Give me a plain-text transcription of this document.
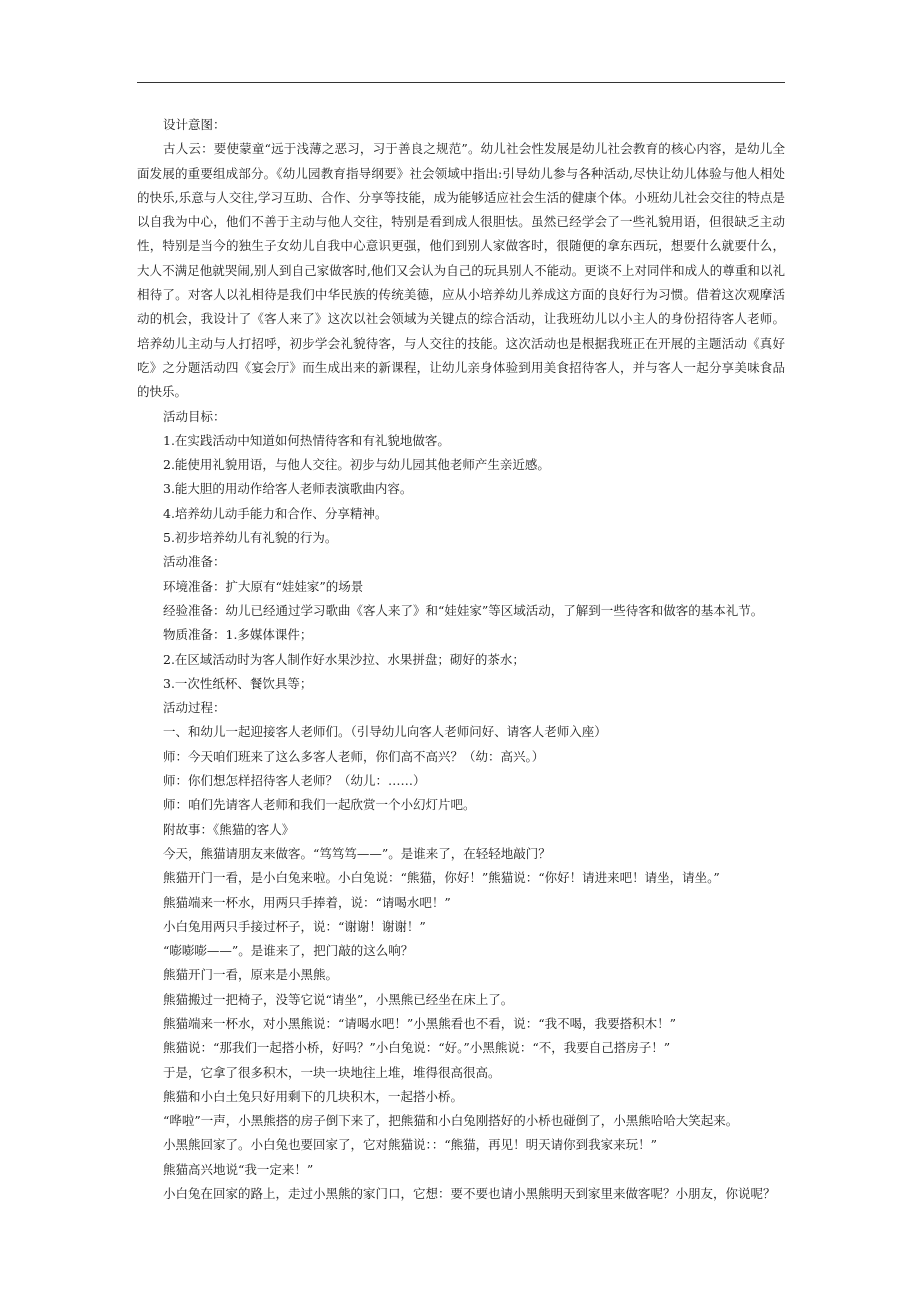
设计意图：

古人云：要使蒙童“远于浅薄之恶习，习于善良之规范”。幼儿社会性发展是幼儿社会教育的核心内容，是幼儿全面发展的重要组成部分。《幼儿园教育指导纲要》社会领域中指出:引导幼儿参与各种活动,尽快让幼儿体验与他人相处的快乐,乐意与人交往,学习互助、合作、分享等技能，成为能够适应社会生活的健康个体。小班幼儿社会交往的特点是以自我为中心，他们不善于主动与他人交往，特别是看到成人很胆怯。虽然已经学会了一些礼貌用语，但很缺乏主动性，特别是当今的独生子女幼儿自我中心意识更强，他们到别人家做客时，很随便的拿东西玩，想要什么就要什么，大人不满足他就哭闹,别人到自己家做客时,他们又会认为自己的玩具别人不能动。更谈不上对同伴和成人的尊重和以礼相待了。对客人以礼相待是我们中华民族的传统美德，应从小培养幼儿养成这方面的良好行为习惯。借着这次观摩活动的机会，我设计了《客人来了》这次以社会领域为关键点的综合活动，让我班幼儿以小主人的身份招待客人老师。培养幼儿主动与人打招呼，初步学会礼貌待客，与人交往的技能。这次活动也是根据我班正在开展的主题活动《真好吃》之分题活动四《宴会厅》而生成出来的新课程，让幼儿亲身体验到用美食招待客人，并与客人一起分享美味食品的快乐。

活动目标：

1.在实践活动中知道如何热情待客和有礼貌地做客。

2.能使用礼貌用语，与他人交往。初步与幼儿园其他老师产生亲近感。

3.能大胆的用动作给客人老师表演歌曲内容。

4.培养幼儿动手能力和合作、分享精神。

5.初步培养幼儿有礼貌的行为。

活动准备：

环境准备：扩大原有“娃娃家”的场景

经验准备：幼儿已经通过学习歌曲《客人来了》和“娃娃家”等区域活动，了解到一些待客和做客的基本礼节。

物质准备：1.多媒体课件；

2.在区域活动时为客人制作好水果沙拉、水果拼盘；砌好的茶水；

3.一次性纸杯、餐饮具等；

活动过程：

一、和幼儿一起迎接客人老师们。（引导幼儿向客人老师问好、请客人老师入座）

师：今天咱们班来了这么多客人老师，你们高不高兴？（幼：高兴。）

师：你们想怎样招待客人老师？（幼儿：……）

师：咱们先请客人老师和我们一起欣赏一个小幻灯片吧。

附故事：《熊猫的客人》

今天，熊猫请朋友来做客。“笃笃笃——”。是谁来了，在轻轻地敲门？

熊猫开门一看，是小白兔来啦。小白兔说：“熊猫，你好！”熊猫说：“你好！请进来吧！请坐，请坐。”

熊猫端来一杯水，用两只手捧着，说：“请喝水吧！”

小白兔用两只手接过杯子，说：“谢谢！谢谢！”

“嘭嘭嘭——”。是谁来了，把门敲的这么响？

熊猫开门一看，原来是小黑熊。

熊猫搬过一把椅子，没等它说“请坐”，小黑熊已经坐在床上了。

熊猫端来一杯水，对小黑熊说：“请喝水吧！”小黑熊看也不看，说：“我不喝，我要搭积木！”

熊猫说：“那我们一起搭小桥，好吗？”小白兔说：“好。”小黑熊说：“不，我要自己搭房子！”

于是，它拿了很多积木，一块一块地往上堆，堆得很高很高。

熊猫和小白土兔只好用剩下的几块积木，一起搭小桥。

“哗啦”一声，小黑熊搭的房子倒下来了，把熊猫和小白兔刚搭好的小桥也碰倒了，小黑熊哈哈大笑起来。

小黑熊回家了。小白兔也要回家了，它对熊猫说：：“熊猫，再见！明天请你到我家来玩！”

熊猫高兴地说“我一定来！”

小白兔在回家的路上，走过小黑熊的家门口，它想：要不要也请小黑熊明天到家里来做客呢？小朋友，你说呢？
